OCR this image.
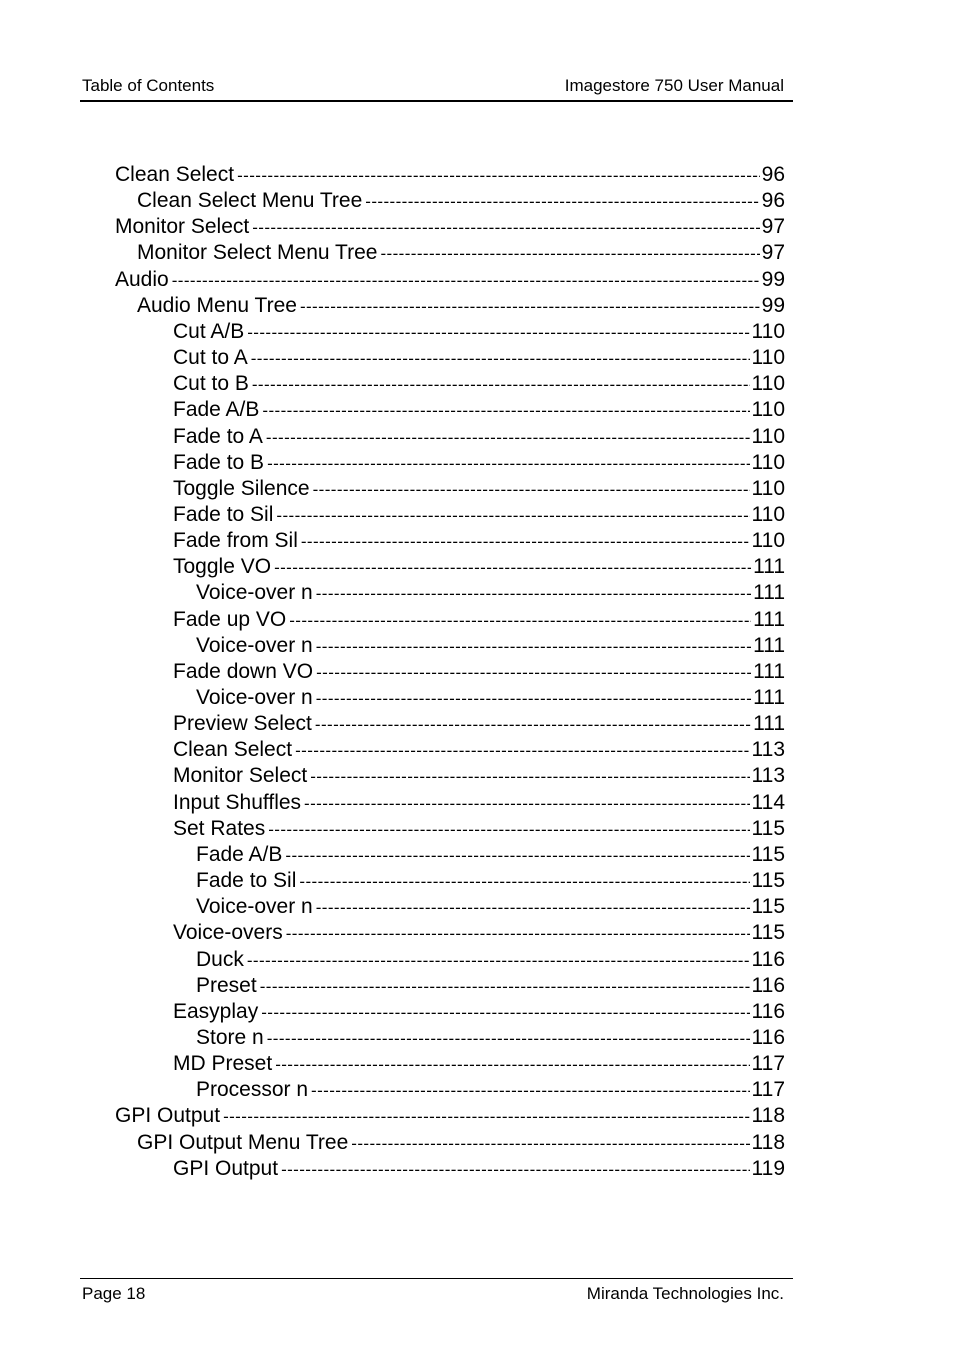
Table of Contents	Imagestore 750 User Manual
Clean Select -----	96
Clean Select Menu Tree -----	96
Monitor Select -----	97
Monitor Select Menu Tree -----	97
Audio -----	99
Audio Menu Tree -----	99
Cut A/B -----	110
Cut to A -----	110
Cut to B -----	110
Fade A/B -----	110
Fade to A -----	110
Fade to B -----	110
Toggle Silence -----	110
Fade to Sil -----	110
Fade from Sil -----	110
Toggle VO -----	111
Voice-over n -----	111
Fade up VO -----	111
Voice-over n -----	111
Fade down VO -----	111
Voice-over n -----	111
Preview Select -----	111
Clean Select -----	113
Monitor Select -----	113
Input Shuffles -----	114
Set Rates -----	115
Fade A/B -----	115
Fade to Sil -----	115
Voice-over n -----	115
Voice-overs -----	115
Duck -----	116
Preset -----	116
Easyplay -----	116
Store n -----	116
MD Preset -----	117
Processor n -----	117
GPI Output -----	118
GPI Output Menu Tree -----	118
GPI Output -----	119
Page 18	Miranda Technologies Inc.
